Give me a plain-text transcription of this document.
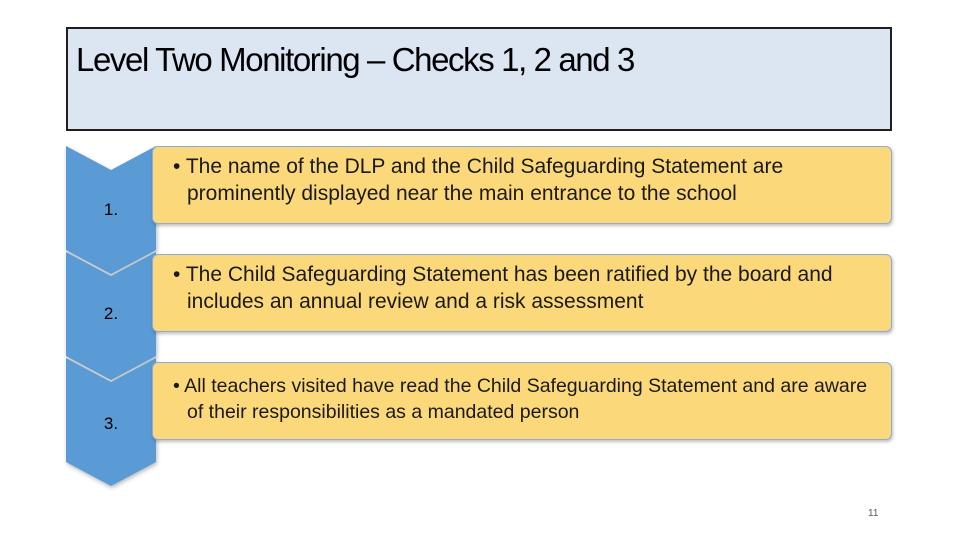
Level Two Monitoring – Checks 1, 2 and 3
1.
• The name of the DLP and the Child Safeguarding Statement are prominently displayed near the main entrance to the school
2.
• The Child Safeguarding Statement has been ratified by the board and includes an annual review and a risk assessment
3.
• All teachers visited have read the Child Safeguarding Statement and are aware of their responsibilities as a mandated person
11
